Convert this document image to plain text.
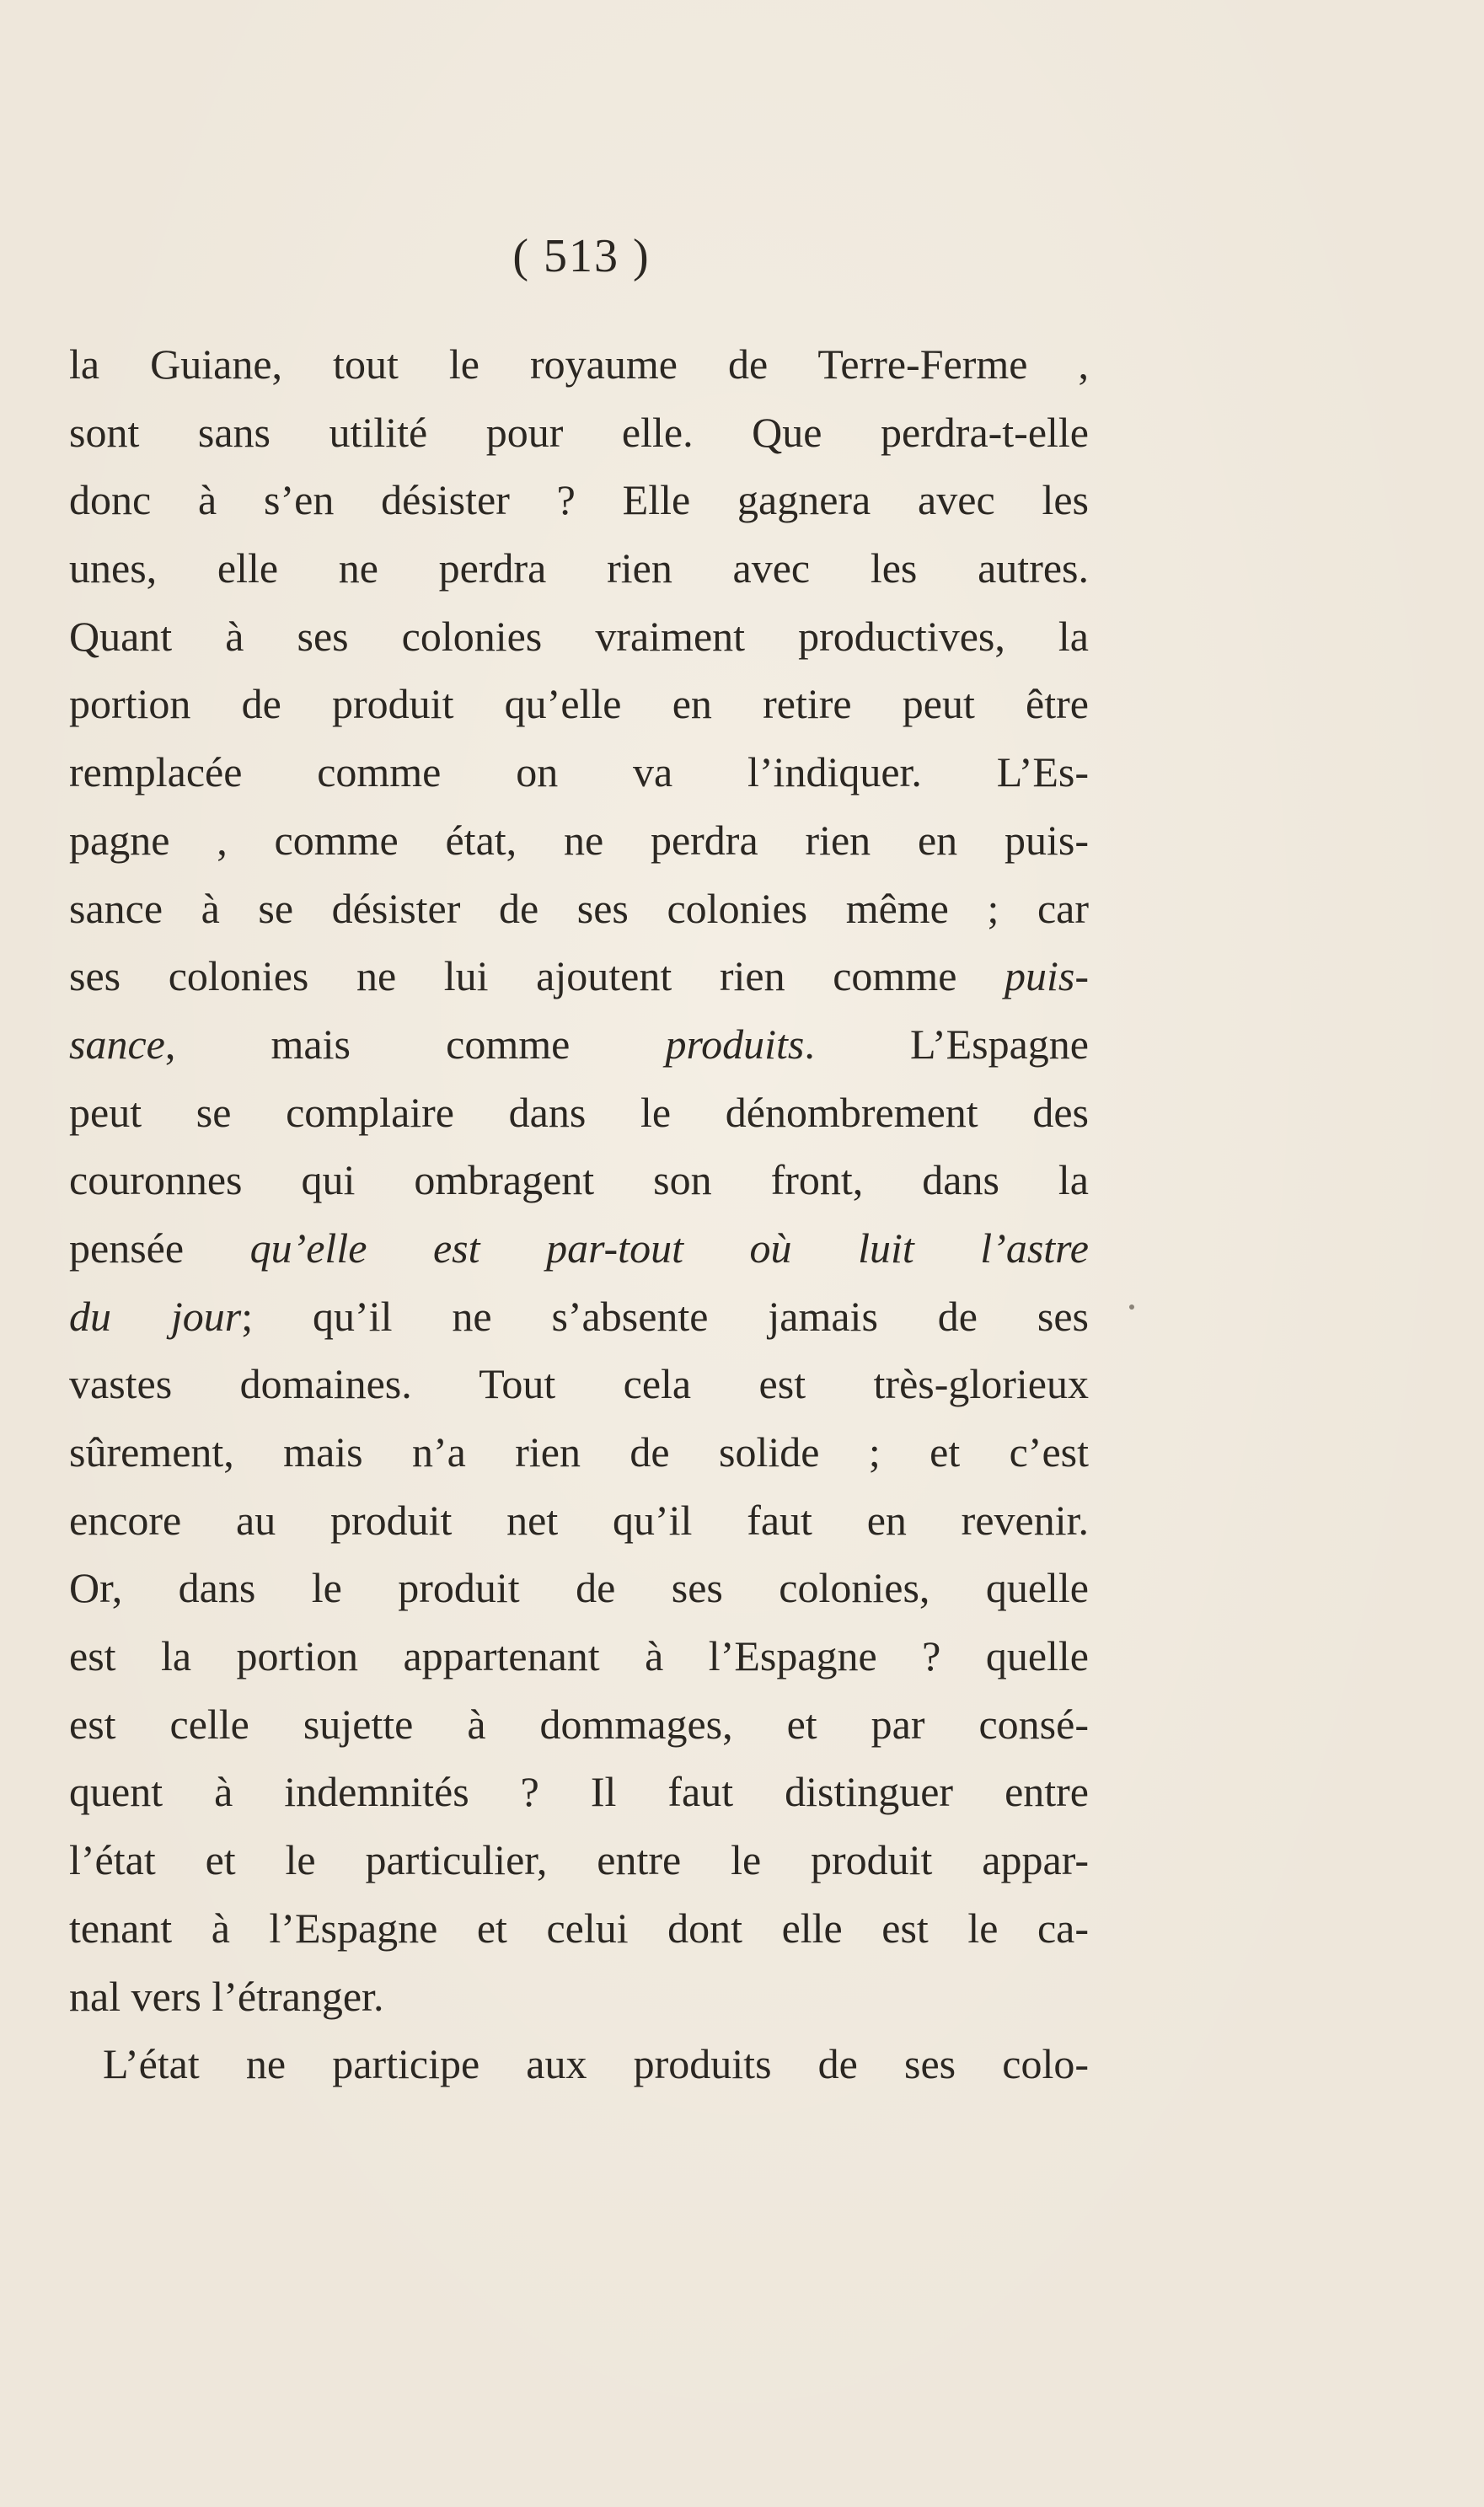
( 513 )
la Guiane, tout le royaume de Terre-Ferme ,
sont sans utilité pour elle. Que perdra-t-elle
donc à s’en désister ? Elle gagnera avec les
unes, elle ne perdra rien avec les autres.
Quant à ses colonies vraiment productives, la
portion de produit qu’elle en retire peut être
remplacée comme on va l’indiquer. L’Es-
pagne , comme état, ne perdra rien en puis-
sance à se désister de ses colonies même ; car
ses colonies ne lui ajoutent rien comme puis-
sance, mais comme produits. L’Espagne
peut se complaire dans le dénombrement des
couronnes qui ombragent son front, dans la
pensée qu’elle est par-tout où luit l’astre
du jour; qu’il ne s’absente jamais de ses
vastes domaines. Tout cela est très-glorieux
sûrement, mais n’a rien de solide ; et c’est
encore au produit net qu’il faut en revenir.
Or, dans le produit de ses colonies, quelle
est la portion appartenant à l’Espagne ? quelle
est celle sujette à dommages, et par consé-
quent à indemnités ? Il faut distinguer entre
l’état et le particulier, entre le produit appar-
tenant à l’Espagne et celui dont elle est le ca-
nal vers l’étranger.
L’état ne participe aux produits de ses colo-
